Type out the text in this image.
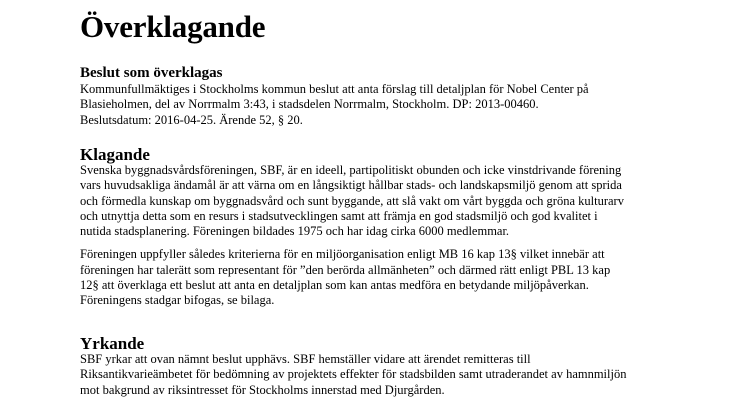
Överklagande
Beslut som överklagas
Kommunfullmäktiges i Stockholms kommun beslut att anta förslag till detaljplan för Nobel Center på
Blasieholmen, del av Norrmalm 3:43, i stadsdelen Norrmalm, Stockholm. DP: 2013-00460.
Beslutsdatum: 2016-04-25. Ärende 52, § 20.
Klagande
Svenska byggnadsvårdsföreningen, SBF, är en ideell, partipolitiskt obunden och icke vinstdrivande förening
vars huvudsakliga ändamål är att värna om en långsiktigt hållbar stads- och landskapsmiljö genom att sprida
och förmedla kunskap om byggnadsvård och sunt byggande, att slå vakt om vårt byggda och gröna kulturarv
och utnyttja detta som en resurs i stadsutvecklingen samt att främja en god stadsmiljö och god kvalitet i
nutida stadsplanering. Föreningen bildades 1975 och har idag cirka 6000 medlemmar.
Föreningen uppfyller således kriterierna för en miljöorganisation enligt MB 16 kap 13§ vilket innebär att
föreningen har talerätt som representant för ”den berörda allmänheten” och därmed rätt enligt PBL 13 kap
12§ att överklaga ett beslut att anta en detaljplan som kan antas medföra en betydande miljöpåverkan.
Föreningens stadgar bifogas, se bilaga.
Yrkande
SBF yrkar att ovan nämnt beslut upphävs. SBF hemställer vidare att ärendet remitteras till
Riksantikvarieämbetet för bedömning av projektets effekter för stadsbilden samt utraderandet av hamnmiljön
mot bakgrund av riksintresset för Stockholms innerstad med Djurgården.
